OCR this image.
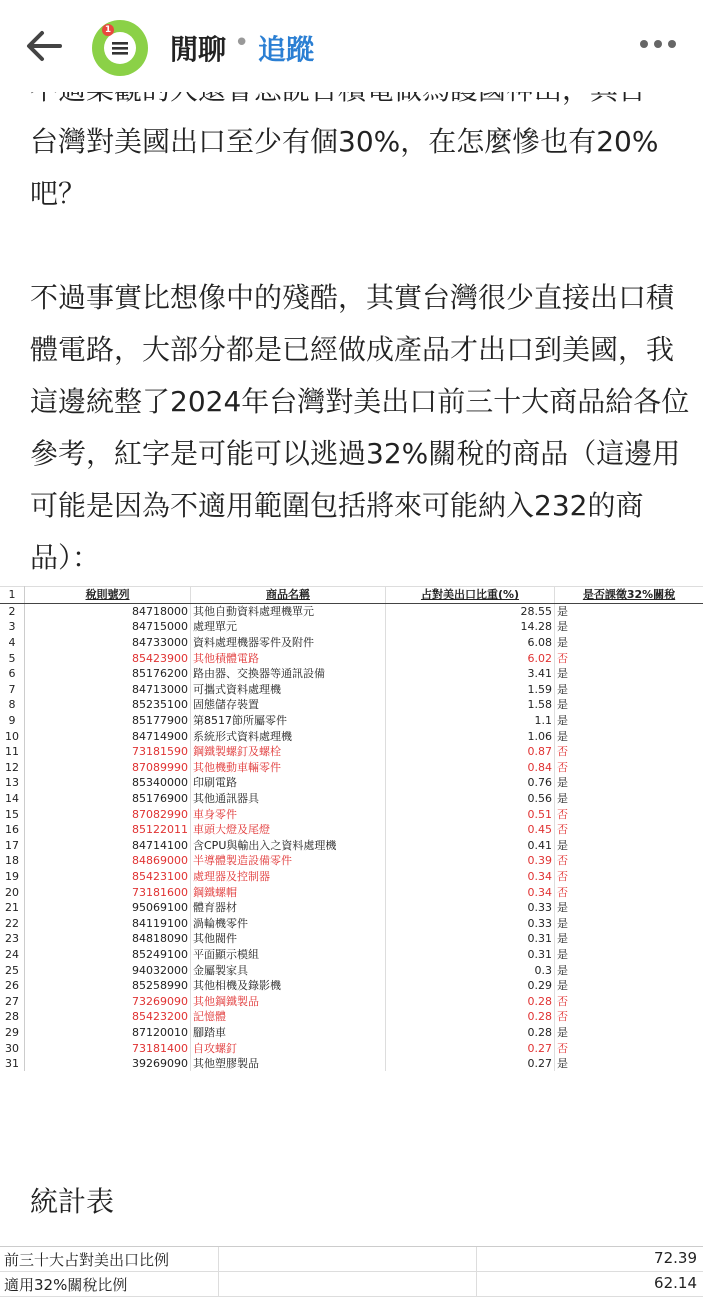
1
閒聊 • 追蹤

台灣對美國出口至少有個30%，在怎麼慘也有20%吧？

不過事實比想像中的殘酷，其實台灣很少直接出口積體電路，大部分都是已經做成產品才出口到美國，我這邊統整了2024年台灣對美出口前三十大商品給各位參考，紅字是可能可以逃過32%關稅的商品（這邊用可能是因為不適用範圍包括將來可能納入232的商品）：

1	稅則號列	商品名稱	占對美出口比重(%)	是否課徵32%關稅
2	84718000	其他自動資料處理機單元	28.55	是
3	84715000	處理單元	14.28	是
4	84733000	資料處理機器零件及附件	6.08	是
5	85423900	其他積體電路	6.02	否
6	85176200	路由器、交換器等通訊設備	3.41	是
7	84713000	可攜式資料處理機	1.59	是
8	85235100	固態儲存裝置	1.58	是
9	85177900	第8517節所屬零件	1.1	是
10	84714900	系統形式資料處理機	1.06	是
11	73181590	鋼鐵製螺釘及螺栓	0.87	否
12	87089990	其他機動車輛零件	0.84	否
13	85340000	印刷電路	0.76	是
14	85176900	其他通訊器具	0.56	是
15	87082990	車身零件	0.51	否
16	85122011	車頭大燈及尾燈	0.45	否
17	84714100	含CPU與輸出入之資料處理機	0.41	是
18	84869000	半導體製造設備零件	0.39	否
19	85423100	處理器及控制器	0.34	否
20	73181600	鋼鐵螺帽	0.34	否
21	95069100	體育器材	0.33	是
22	84119100	渦輪機零件	0.33	是
23	84818090	其他閥件	0.31	是
24	85249100	平面顯示模組	0.31	是
25	94032000	金屬製家具	0.3	是
26	85258990	其他相機及錄影機	0.29	是
27	73269090	其他鋼鐵製品	0.28	否
28	85423200	記憶體	0.28	否
29	87120010	腳踏車	0.28	是
30	73181400	自攻螺釘	0.27	否
31	39269090	其他塑膠製品	0.27	是
統計表
前三十大占對美出口比例	72.39
適用32%關稅比例	62.14
